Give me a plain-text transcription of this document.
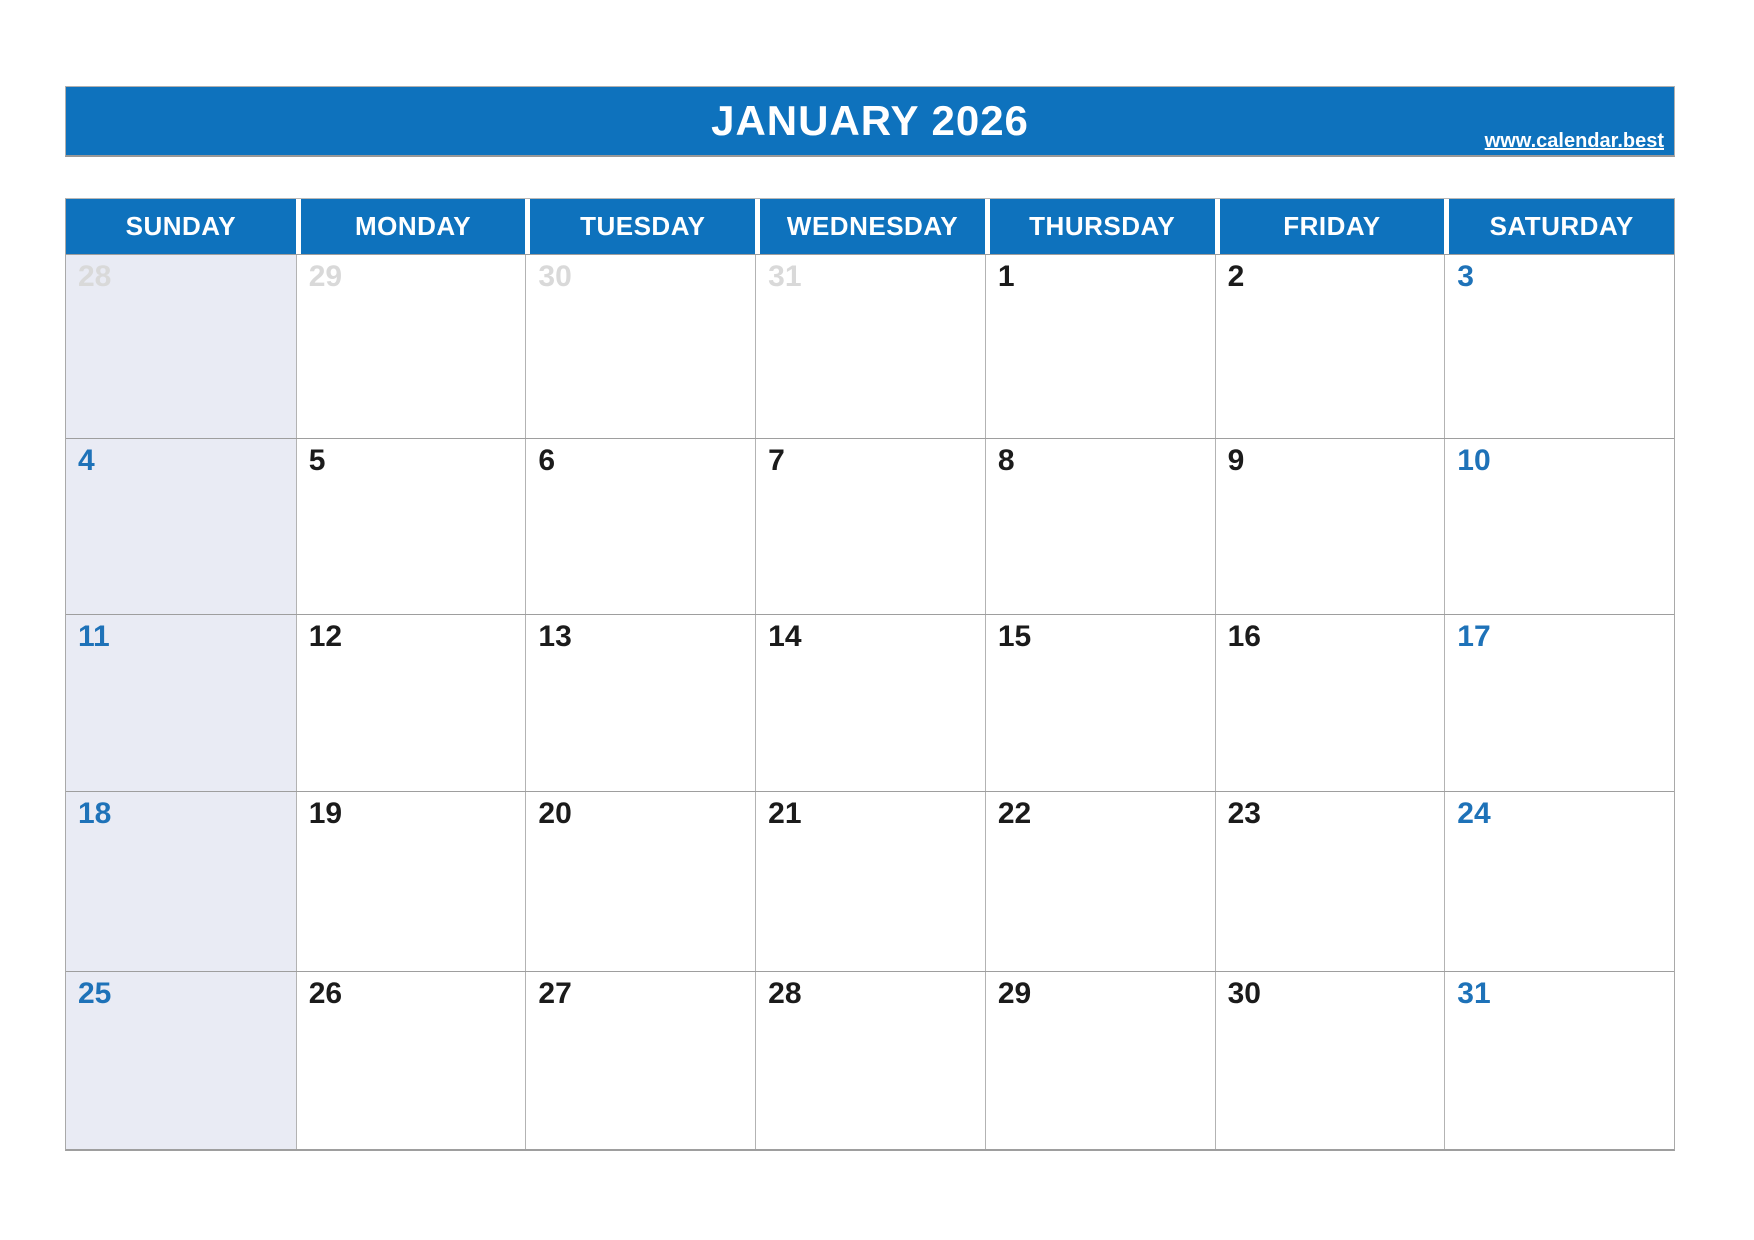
JANUARY 2026	www.calendar.best
SUNDAY	MONDAY	TUESDAY	WEDNESDAY	THURSDAY	FRIDAY	SATURDAY
28	29	30	31	1	2	3
4	5	6	7	8	9	10
11	12	13	14	15	16	17
18	19	20	21	22	23	24
25	26	27	28	29	30	31
